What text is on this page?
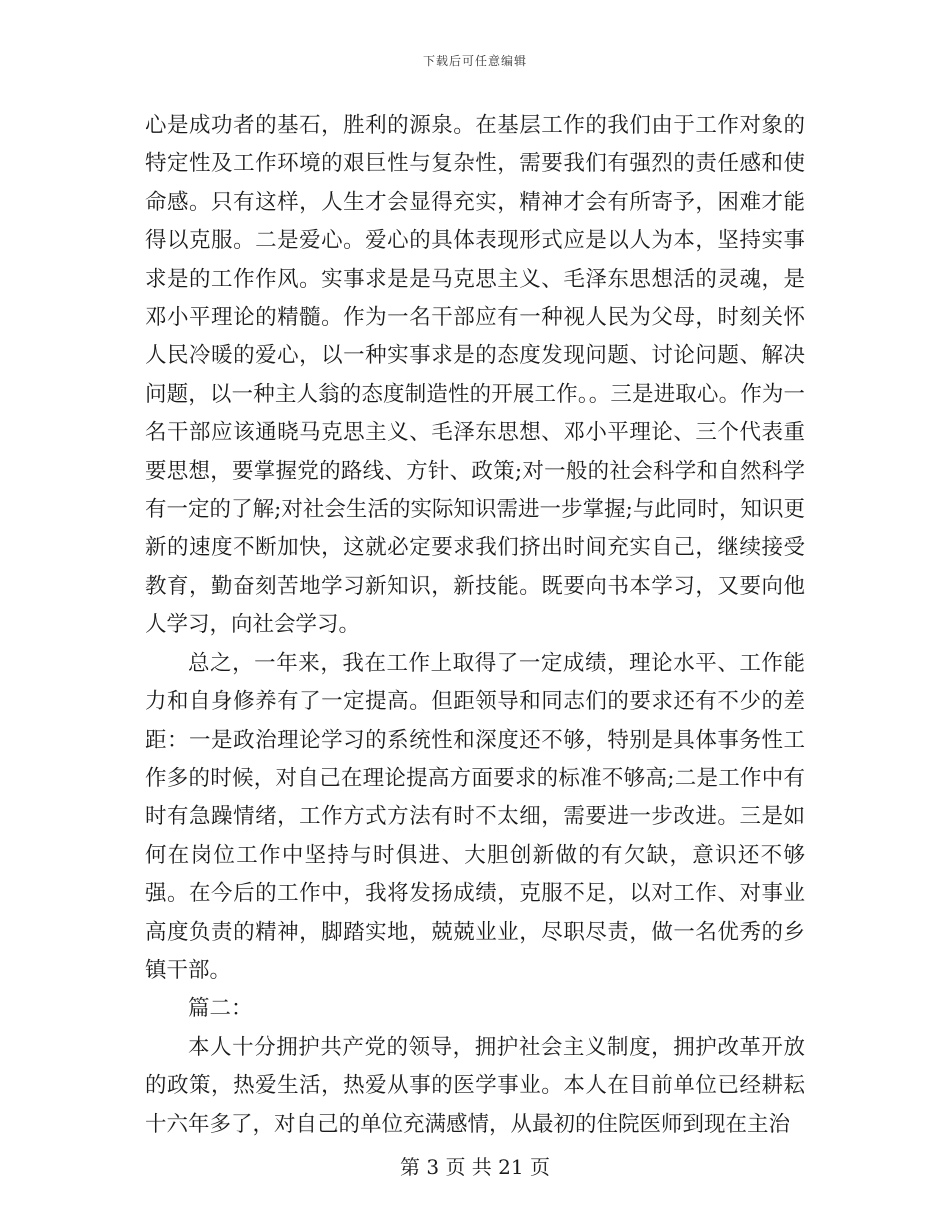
下载后可任意编辑

心是成功者的基石，胜利的源泉。在基层工作的我们由于工作对象的特定性及工作环境的艰巨性与复杂性，需要我们有强烈的责任感和使命感。只有这样，人生才会显得充实，精神才会有所寄予，困难才能得以克服。二是爱心。爱心的具体表现形式应是以人为本，坚持实事求是的工作作风。实事求是是马克思主义、毛泽东思想活的灵魂，是邓小平理论的精髓。作为一名干部应有一种视人民为父母，时刻关怀人民冷暖的爱心，以一种实事求是的态度发现问题、讨论问题、解决问题，以一种主人翁的态度制造性的开展工作。。三是进取心。作为一名干部应该通晓马克思主义、毛泽东思想、邓小平理论、三个代表重要思想，要掌握党的路线、方针、政策;对一般的社会科学和自然科学有一定的了解;对社会生活的实际知识需进一步掌握;与此同时，知识更新的速度不断加快，这就必定要求我们挤出时间充实自己，继续接受教育，勤奋刻苦地学习新知识，新技能。既要向书本学习，又要向他人学习，向社会学习。

总之，一年来，我在工作上取得了一定成绩，理论水平、工作能力和自身修养有了一定提高。但距领导和同志们的要求还有不少的差距：一是政治理论学习的系统性和深度还不够，特别是具体事务性工作多的时候，对自己在理论提高方面要求的标准不够高;二是工作中有时有急躁情绪，工作方式方法有时不太细，需要进一步改进。三是如何在岗位工作中坚持与时俱进、大胆创新做的有欠缺，意识还不够强。在今后的工作中，我将发扬成绩，克服不足，以对工作、对事业高度负责的精神，脚踏实地，兢兢业业，尽职尽责，做一名优秀的乡镇干部。

篇二：

本人十分拥护共产党的领导，拥护社会主义制度，拥护改革开放的政策，热爱生活，热爱从事的医学事业。本人在目前单位已经耕耘十六年多了，对自己的单位充满感情，从最初的住院医师到现在主治

第 3 页 共 21 页
